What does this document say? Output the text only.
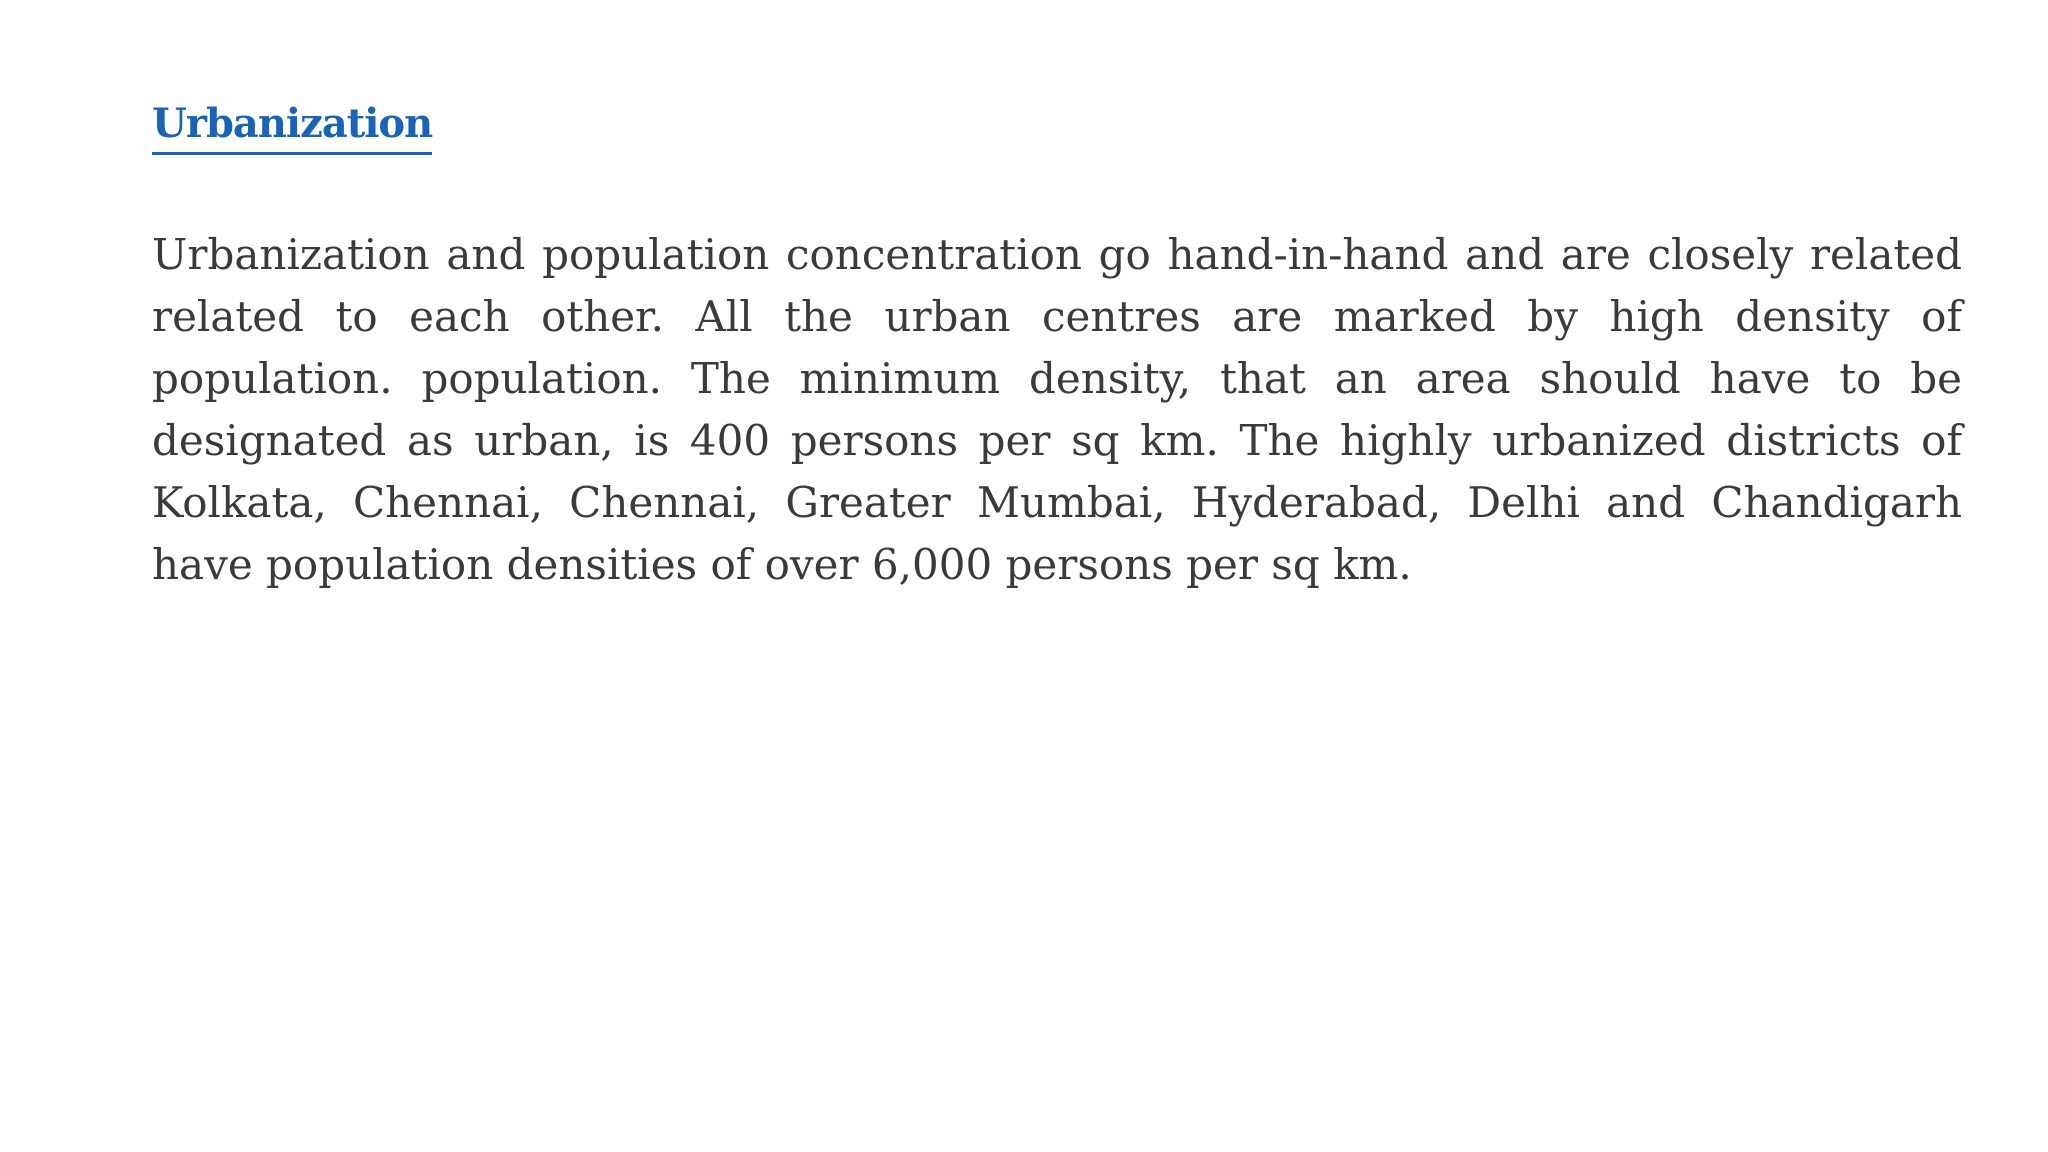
Urbanization

Urbanization and population concentration go hand-in-hand and are closely related related to each other. All the urban centres are marked by high density of population. population. The minimum density, that an area should have to be designated as urban, is 400 persons per sq km. The highly urbanized districts of Kolkata, Chennai, Chennai, Greater Mumbai, Hyderabad, Delhi and Chandigarh have population densities of over 6,000 persons per sq km.
